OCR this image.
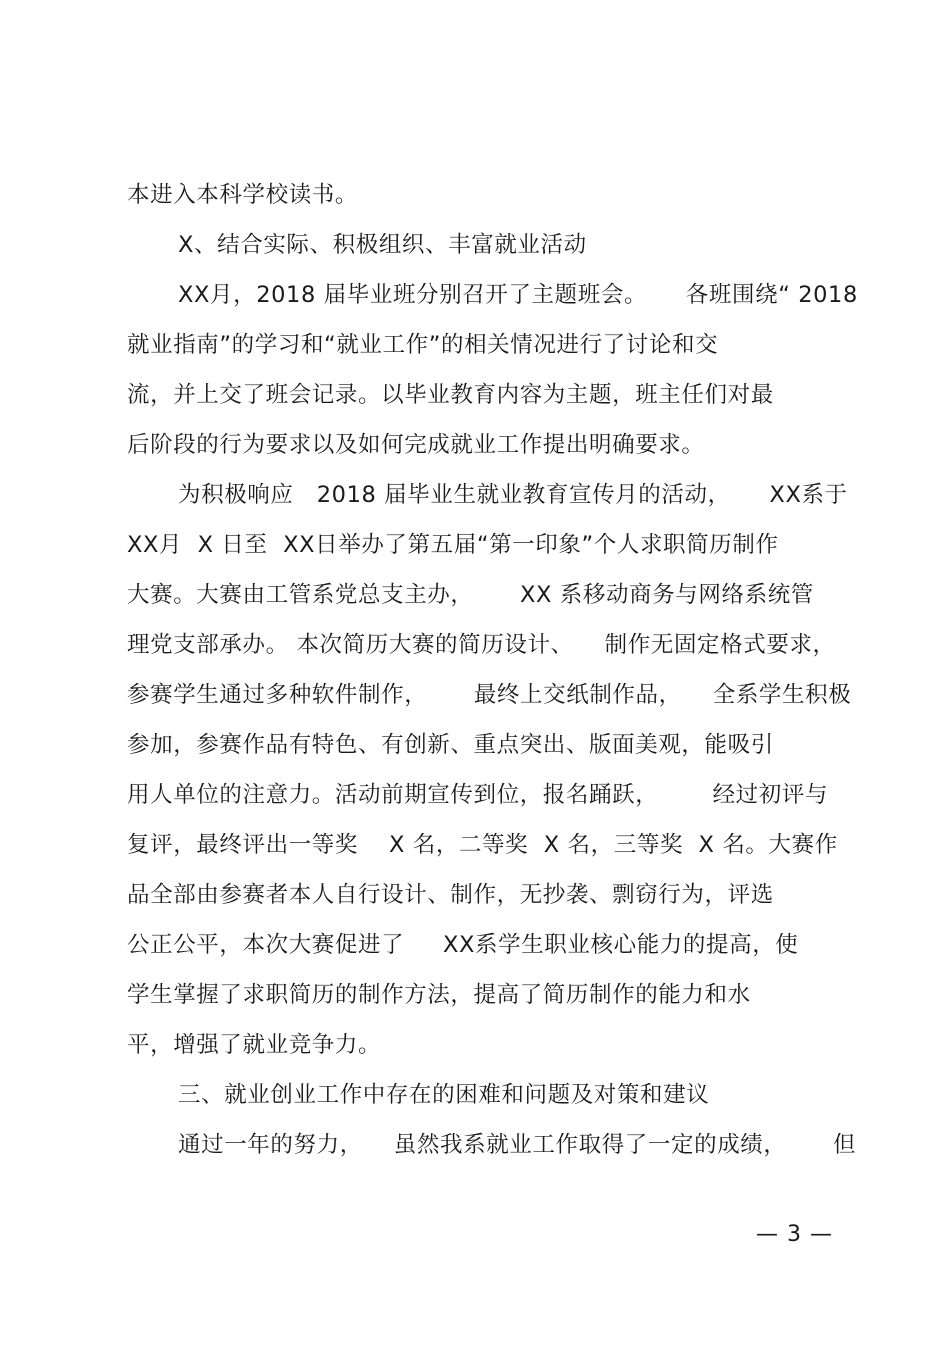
本进入本科学校读书。
X、结合实际、积极组织、丰富就业活动
XX月，2018 届毕业班分别召开了主题班会。     各班围绕“ 2018
就业指南”的学习和“就业工作”的相关情况进行了讨论和交
流，并上交了班会记录。以毕业教育内容为主题，班主任们对最
后阶段的行为要求以及如何完成就业工作提出明确要求。
为积极响应   2018 届毕业生就业教育宣传月的活动，     XX系于
XX月  X 日至  XX日举办了第五届“第一印象”个人求职简历制作
大赛。大赛由工管系党总支主办，      XX 系移动商务与网络系统管
理党支部承办。 本次简历大赛的简历设计、    制作无固定格式要求，
参赛学生通过多种软件制作，      最终上交纸制作品，    全系学生积极
参加，参赛作品有特色、有创新、重点突出、版面美观，能吸引
用人单位的注意力。活动前期宣传到位，报名踊跃，       经过初评与
复评，最终评出一等奖    X 名，二等奖  X 名，三等奖  X 名。大赛作
品全部由参赛者本人自行设计、制作，无抄袭、剽窃行为，评选
公正公平，本次大赛促进了     XX系学生职业核心能力的提高，使
学生掌握了求职简历的制作方法，提高了简历制作的能力和水
平，增强了就业竞争力。
三、就业创业工作中存在的困难和问题及对策和建议
通过一年的努力，    虽然我系就业工作取得了一定的成绩，      但
— 3 —
